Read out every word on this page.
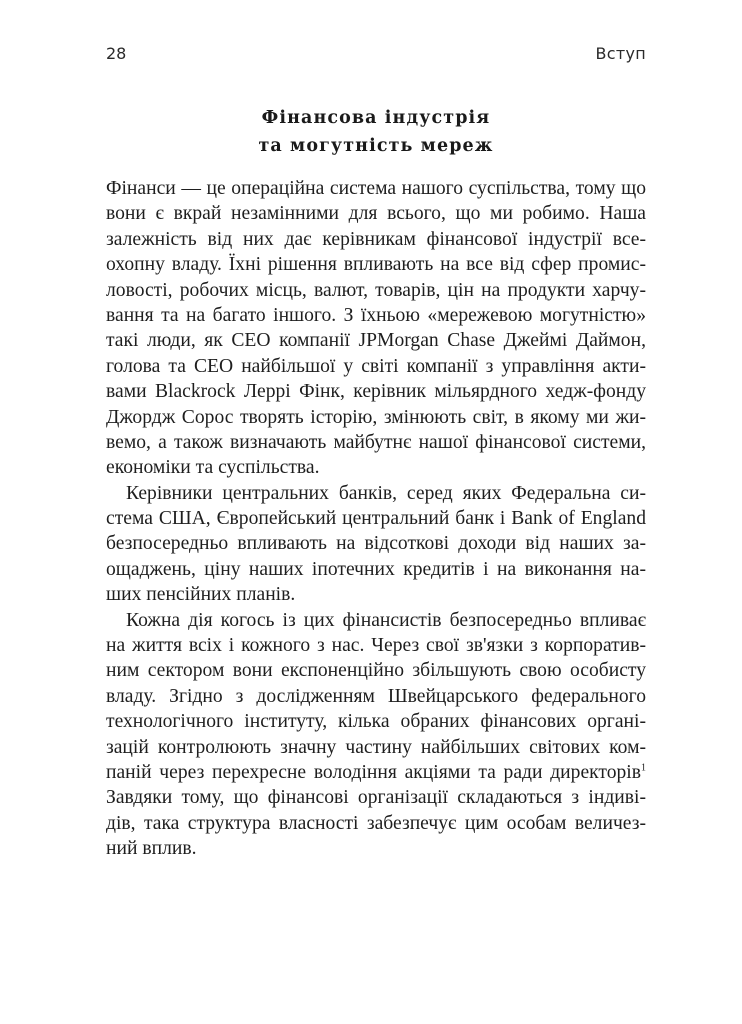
28	Вступ
Фінансова індустрія
та могутність мереж
Фінанси — це операційна система нашого суспільства, тому що
вони є вкрай незамінними для всього, що ми робимо. Наша
залежність від них дає керівникам фінансової індустрії все-
охопну владу. Їхні рішення впливають на все від сфер промис-
ловості, робочих місць, валют, товарів, цін на продукти харчу-
вання та на багато іншого. З їхньою «мережевою могутністю»
такі люди, як CEO компанії JPMorgan Chase Джеймі Даймон,
голова та CEO найбільшої у світі компанії з управління акти-
вами Blackrock Леррі Фінк, керівник мільярдного хедж-фонду
Джордж Сорос творять історію, змінюють світ, в якому ми жи-
вемо, а також визначають майбутнє нашої фінансової системи,
економіки та суспільства.
Керівники центральних банків, серед яких Федеральна си-
стема США, Європейський центральний банк і Bank of England
безпосередньо впливають на відсоткові доходи від наших за-
ощаджень, ціну наших іпотечних кредитів і на виконання на-
ших пенсійних планів.
Кожна дія когось із цих фінансистів безпосередньо впливає
на життя всіх і кожного з нас. Через свої зв'язки з корпоратив-
ним сектором вони експоненційно збільшують свою особисту
владу. Згідно з дослідженням Швейцарського федерального
технологічного інституту, кілька обраних фінансових органі-
зацій контролюють значну частину найбільших світових ком-
паній через перехресне володіння акціями та ради директорів$^1$
Завдяки тому, що фінансові організації складаються з індиві-
дів, така структура власності забезпечує цим особам величез-
ний вплив.
